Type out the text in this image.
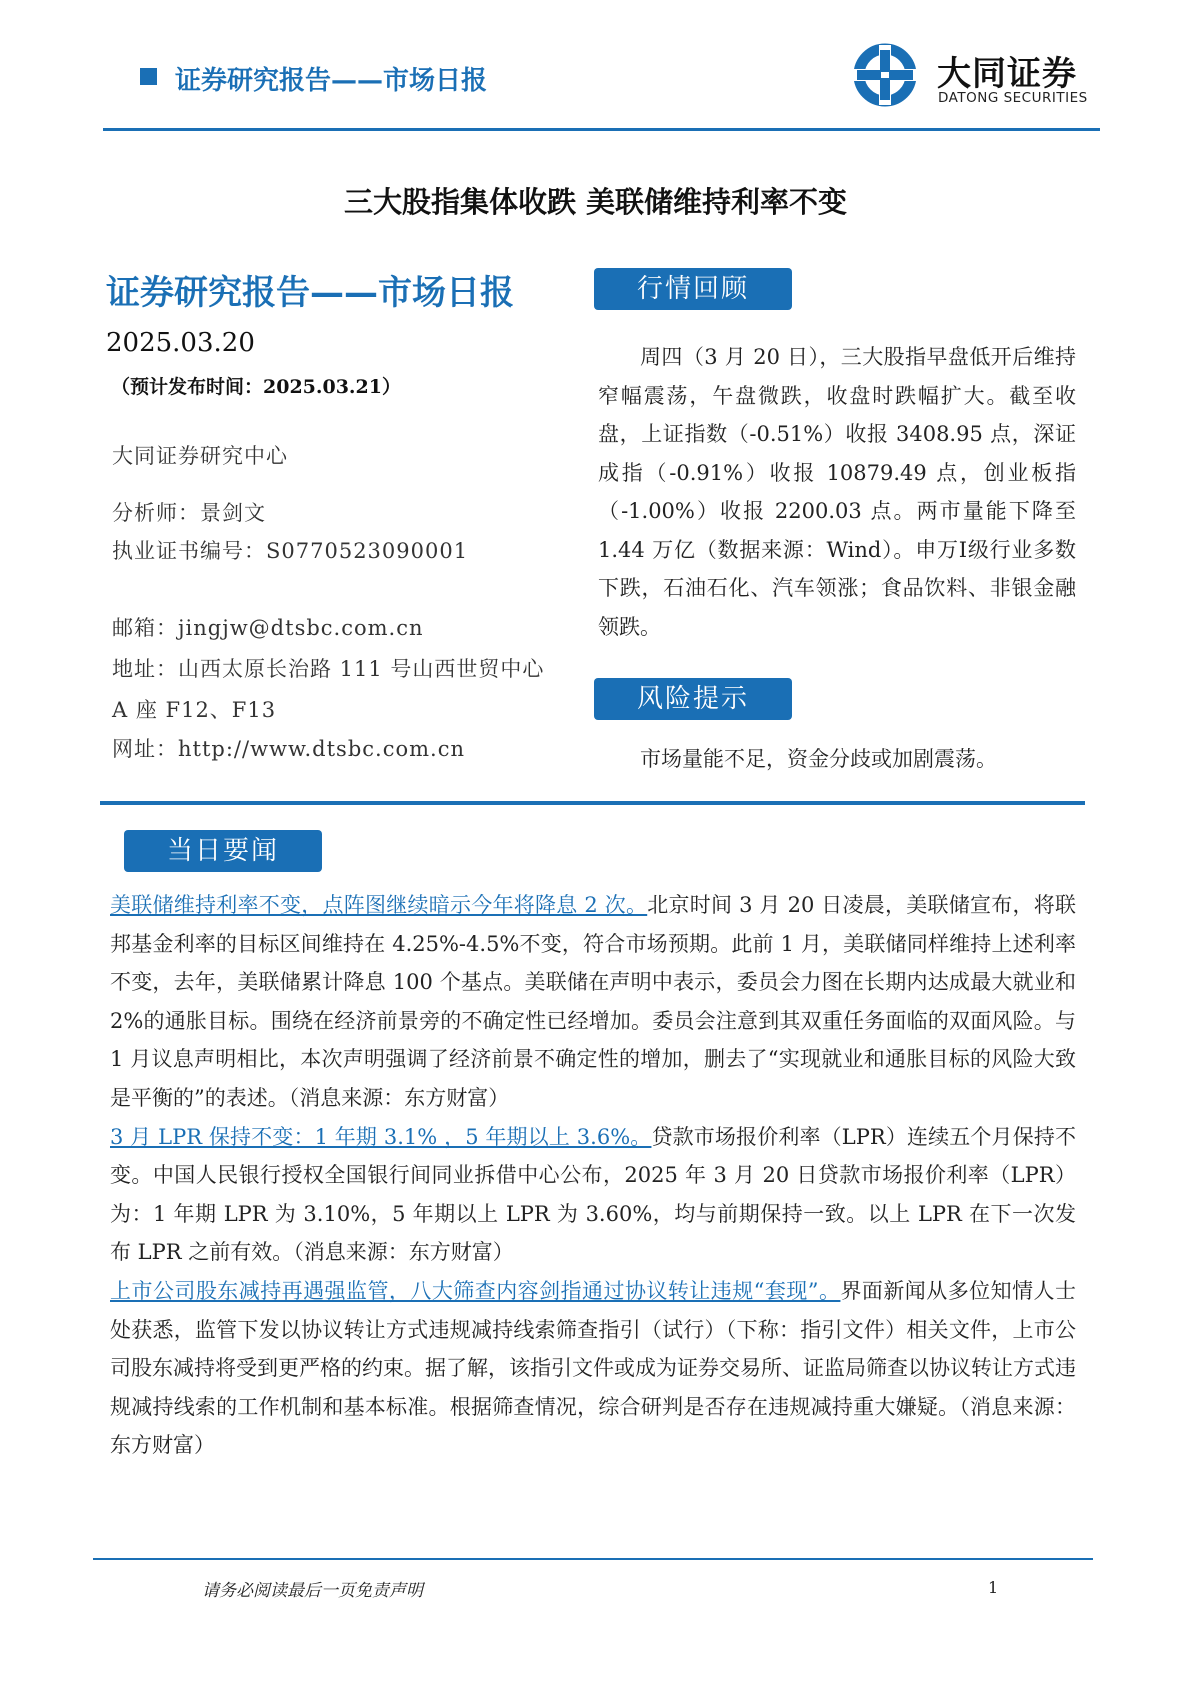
证券研究报告——市场日报	大同证券
DATONG SECURITIES
三大股指集体收跌 美联储维持利率不变
证券研究报告——市场日报
2025.03.20
（预计发布时间：2025.03.21）
大同证券研究中心
分析师：景剑文
执业证书编号：S0770523090001
邮箱：jingjw@dtsbc.com.cn
地址：山西太原长治路 111 号山西世贸中心
A 座 F12、F13
网址：http://www.dtsbc.com.cn
行情回顾
周四（3 月 20 日），三大股指早盘低开后维持窄幅震荡，午盘微跌，收盘时跌幅扩大。截至收盘，上证指数（-0.51%）收报 3408.95 点，深证成指（-0.91%）收报 10879.49 点，创业板指（-1.00%）收报 2200.03 点。两市量能下降至 1.44 万亿（数据来源：Wind）。申万Ⅰ级行业多数下跌，石油石化、汽车领涨；食品饮料、非银金融领跌。
风险提示
市场量能不足，资金分歧或加剧震荡。
当日要闻

美联储维持利率不变，点阵图继续暗示今年将降息 2 次。北京时间 3 月 20 日凌晨，美联储宣布，将联邦基金利率的目标区间维持在 4.25%-4.5%不变，符合市场预期。此前 1 月，美联储同样维持上述利率不变，去年，美联储累计降息 100 个基点。美联储在声明中表示，委员会力图在长期内达成最大就业和 2%的通胀目标。围绕在经济前景旁的不确定性已经增加。委员会注意到其双重任务面临的双面风险。与 1 月议息声明相比，本次声明强调了经济前景不确定性的增加，删去了“实现就业和通胀目标的风险大致是平衡的”的表述。（消息来源：东方财富）

3 月 LPR 保持不变：1 年期 3.1% ，5 年期以上 3.6%。贷款市场报价利率（LPR）连续五个月保持不变。中国人民银行授权全国银行间同业拆借中心公布，2025 年 3 月 20 日贷款市场报价利率（LPR）为：1 年期 LPR 为 3.10%，5 年期以上 LPR 为 3.60%，均与前期保持一致。以上 LPR 在下一次发布 LPR 之前有效。（消息来源：东方财富）

上市公司股东减持再遇强监管，八大筛查内容剑指通过协议转让违规“套现”。界面新闻从多位知情人士处获悉，监管下发以协议转让方式违规减持线索筛查指引（试行）（下称：指引文件）相关文件，上市公司股东减持将受到更严格的约束。据了解，该指引文件或成为证券交易所、证监局筛查以协议转让方式违规减持线索的工作机制和基本标准。根据筛查情况，综合研判是否存在违规减持重大嫌疑。（消息来源：东方财富）

请务必阅读最后一页免责声明	1
